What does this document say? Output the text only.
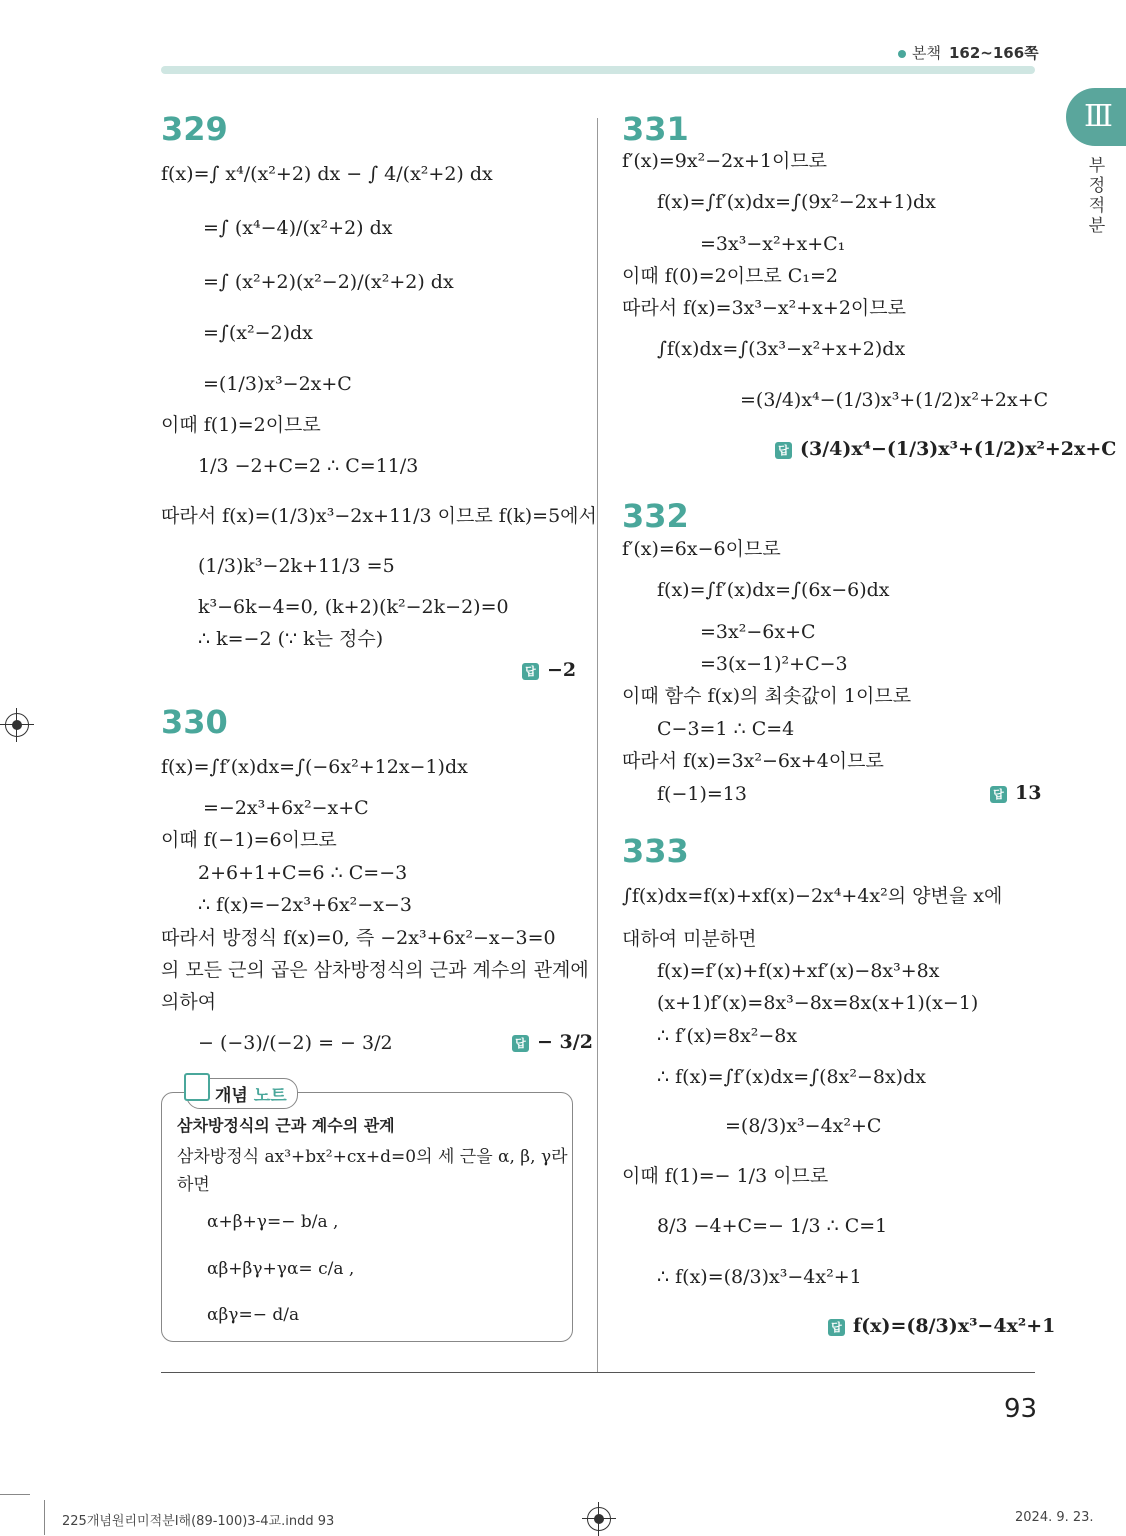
본책 162~166쪽
Ⅲ
부
정
적
분
329
f(x)=∫ x⁴/(x²+2) dx − ∫ 4/(x²+2) dx
=∫ (x⁴−4)/(x²+2) dx
=∫ (x²+2)(x²−2)/(x²+2) dx
=∫(x²−2)dx
=(1/3)x³−2x+C
이때 f(1)=2이므로
1/3 −2+C=2 ∴ C=11/3
따라서 f(x)=(1/3)x³−2x+11/3 이므로 f(k)=5에서
(1/3)k³−2k+11/3 =5
k³−6k−4=0, (k+2)(k²−2k−2)=0
∴ k=−2 (∵ k는 정수)
답 −2
330
f(x)=∫f′(x)dx=∫(−6x²+12x−1)dx
=−2x³+6x²−x+C
이때 f(−1)=6이므로
2+6+1+C=6 ∴ C=−3
∴ f(x)=−2x³+6x²−x−3
따라서 방정식 f(x)=0, 즉 −2x³+6x²−x−3=0
의 모든 근의 곱은 삼차방정식의 근과 계수의 관계에
의하여
− (−3)/(−2) = − 3/2	답 − 3/2
개념 노트
삼차방정식의 근과 계수의 관계
삼차방정식 ax³+bx²+cx+d=0의 세 근을 α, β, γ라
하면
α+β+γ=− b/a ,
αβ+βγ+γα= c/a ,
αβγ=− d/a
331
f′(x)=9x²−2x+1이므로
f(x)=∫f′(x)dx=∫(9x²−2x+1)dx
=3x³−x²+x+C₁
이때 f(0)=2이므로 C₁=2
따라서 f(x)=3x³−x²+x+2이므로
∫f(x)dx=∫(3x³−x²+x+2)dx
=(3/4)x⁴−(1/3)x³+(1/2)x²+2x+C
답 (3/4)x⁴−(1/3)x³+(1/2)x²+2x+C
332
f′(x)=6x−6이므로
f(x)=∫f′(x)dx=∫(6x−6)dx
=3x²−6x+C
=3(x−1)²+C−3
이때 함수 f(x)의 최솟값이 1이므로
C−3=1 ∴ C=4
따라서 f(x)=3x²−6x+4이므로
f(−1)=13	답 13
333
∫f(x)dx=f(x)+xf(x)−2x⁴+4x²의 양변을 x에
대하여 미분하면
f(x)=f′(x)+f(x)+xf′(x)−8x³+8x
(x+1)f′(x)=8x³−8x=8x(x+1)(x−1)
∴ f′(x)=8x²−8x
∴ f(x)=∫f′(x)dx=∫(8x²−8x)dx
=(8/3)x³−4x²+C
이때 f(1)=− 1/3 이므로
8/3 −4+C=− 1/3 ∴ C=1
∴ f(x)=(8/3)x³−4x²+1
답 f(x)=(8/3)x³−4x²+1
93
225개념원리미적분Ⅰ해(89-100)3-4교.indd 93	2024. 9. 23.
